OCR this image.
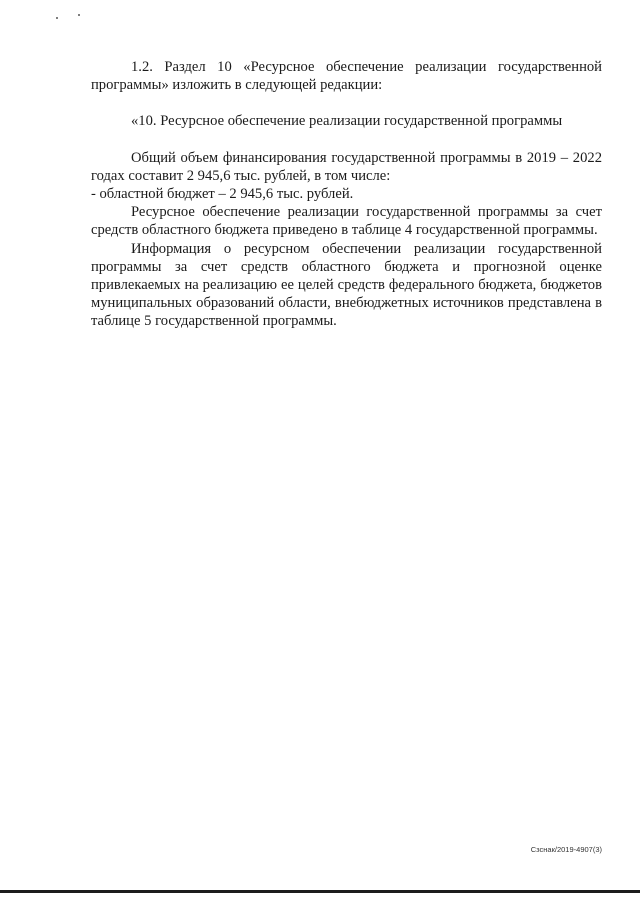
1.2. Раздел 10 «Ресурсное обеспечение реализации государственной программы» изложить в следующей редакции:

«10. Ресурсное обеспечение реализации государственной программы

Общий объем финансирования государственной программы в 2019 – 2022 годах составит 2 945,6 тыс. рублей, в том числе:

- областной бюджет – 2 945,6 тыс. рублей.

Ресурсное обеспечение реализации государственной программы за счет средств областного бюджета приведено в таблице 4 государственной программы.

Информация о ресурсном обеспечении реализации государственной программы за счет средств областного бюджета и прогнозной оценке привлекаемых на реализацию ее целей средств федерального бюджета, бюджетов муниципальных образований области, внебюджетных источников представлена в таблице 5 государственной программы.

Сзснак/2019-4907(3)
